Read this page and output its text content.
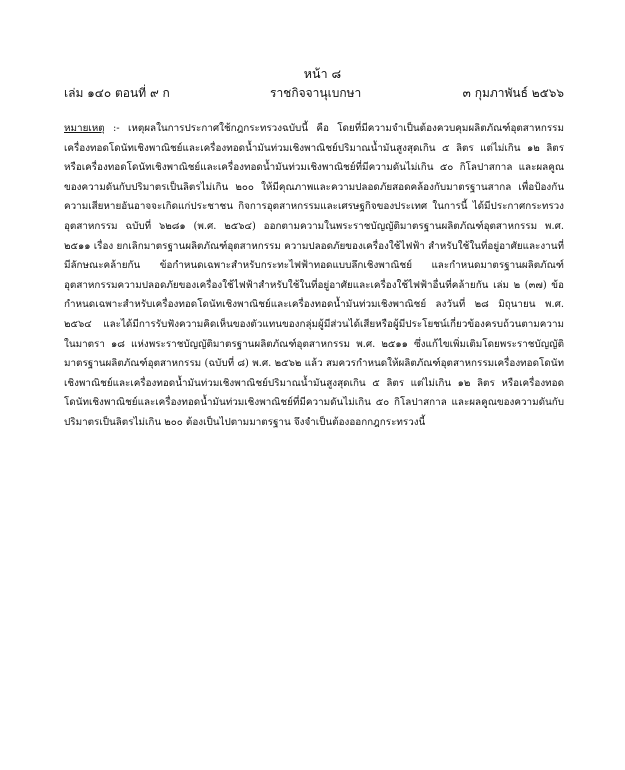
หน้า ๘
เล่ม ๑๔๐ ตอนที่ ๙ ก	ราชกิจจานุเบกษา	๓ กุมภาพันธ์ ๒๕๖๖
หมายเหตุ :- เหตุผลในการประกาศใช้กฎกระทรวงฉบับนี้ คือ โดยที่มีความจำเป็นต้องควบคุมผลิตภัณฑ์อุตสาหกรรมเครื่องทอดโดนัทเชิงพาณิชย์และเครื่องทอดน้ำมันท่วมเชิงพาณิชย์ปริมาณน้ำมันสูงสุดเกิน ๕ ลิตร แต่ไม่เกิน ๑๒ ลิตร หรือเครื่องทอดโดนัทเชิงพาณิชย์และเครื่องทอดน้ำมันท่วมเชิงพาณิชย์ที่มีความดันไม่เกิน ๕๐ กิโลปาสกาล และผลคูณของความดันกับปริมาตรเป็นลิตรไม่เกิน ๒๐๐ ให้มีคุณภาพและความปลอดภัยสอดคล้องกับมาตรฐานสากล เพื่อป้องกันความเสียหายอันอาจจะเกิดแก่ประชาชน กิจการอุตสาหกรรมและเศรษฐกิจของประเทศ ในการนี้ ได้มีประกาศกระทรวงอุตสาหกรรม ฉบับที่ ๖๒๘๑ (พ.ศ. ๒๕๖๔) ออกตามความในพระราชบัญญัติมาตรฐานผลิตภัณฑ์อุตสาหกรรม พ.ศ. ๒๕๑๑ เรื่อง ยกเลิกมาตรฐานผลิตภัณฑ์อุตสาหกรรม ความปลอดภัยของเครื่องใช้ไฟฟ้า สำหรับใช้ในที่อยู่อาศัยและงานที่มีลักษณะคล้ายกัน ข้อกำหนดเฉพาะสำหรับกระทะไฟฟ้าทอดแบบลึกเชิงพาณิชย์ และกำหนดมาตรฐานผลิตภัณฑ์อุตสาหกรรมความปลอดภัยของเครื่องใช้ไฟฟ้าสำหรับใช้ในที่อยู่อาศัยและเครื่องใช้ไฟฟ้าอื่นที่คล้ายกัน เล่ม ๒ (๓๗) ข้อกำหนดเฉพาะสำหรับเครื่องทอดโดนัทเชิงพาณิชย์และเครื่องทอดน้ำมันท่วมเชิงพาณิชย์ ลงวันที่ ๒๘ มิถุนายน พ.ศ. ๒๕๖๔ และได้มีการรับฟังความคิดเห็นของตัวแทนของกลุ่มผู้มีส่วนได้เสียหรือผู้มีประโยชน์เกี่ยวข้องครบถ้วนตามความในมาตรา ๑๘ แห่งพระราชบัญญัติมาตรฐานผลิตภัณฑ์อุตสาหกรรม พ.ศ. ๒๕๑๑ ซึ่งแก้ไขเพิ่มเติมโดยพระราชบัญญัติมาตรฐานผลิตภัณฑ์อุตสาหกรรม (ฉบับที่ ๘) พ.ศ. ๒๕๖๒ แล้ว สมควรกำหนดให้ผลิตภัณฑ์อุตสาหกรรมเครื่องทอดโดนัทเชิงพาณิชย์และเครื่องทอดน้ำมันท่วมเชิงพาณิชย์ปริมาณน้ำมันสูงสุดเกิน ๕ ลิตร แต่ไม่เกิน ๑๒ ลิตร หรือเครื่องทอดโดนัทเชิงพาณิชย์และเครื่องทอดน้ำมันท่วมเชิงพาณิชย์ที่มีความดันไม่เกิน ๕๐ กิโลปาสกาล และผลคูณของความดันกับปริมาตรเป็นลิตรไม่เกิน ๒๐๐ ต้องเป็นไปตามมาตรฐาน จึงจำเป็นต้องออกกฎกระทรวงนี้
